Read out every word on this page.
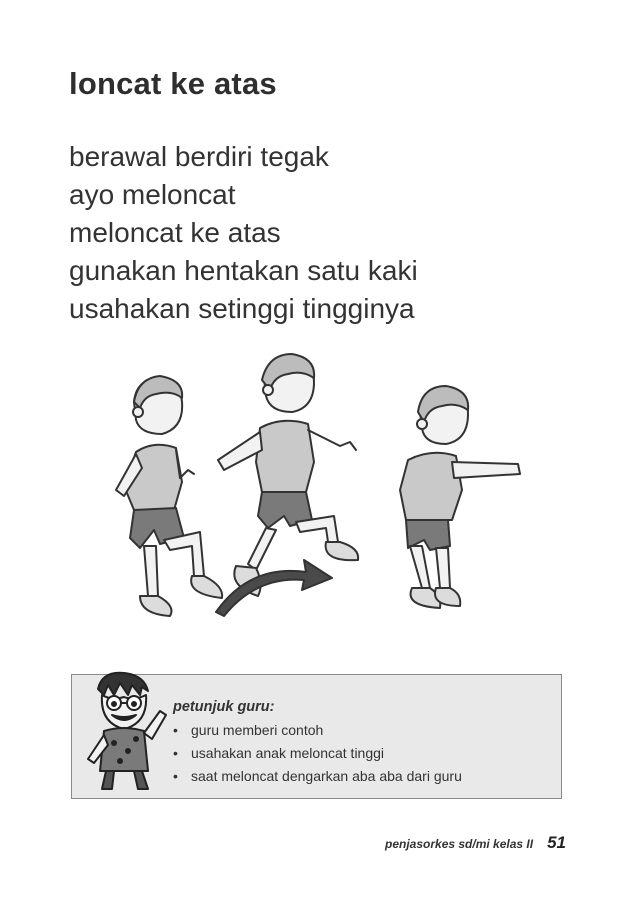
loncat ke atas
berawal berdiri tegak
ayo meloncat
meloncat ke atas
gunakan hentakan satu kaki
usahakan setinggi tingginya

petunjuk guru:

• guru memberi contoh
• usahakan anak meloncat tinggi
• saat meloncat dengarkan aba aba dari guru
penjasorkes sd/mi kelas II 51
